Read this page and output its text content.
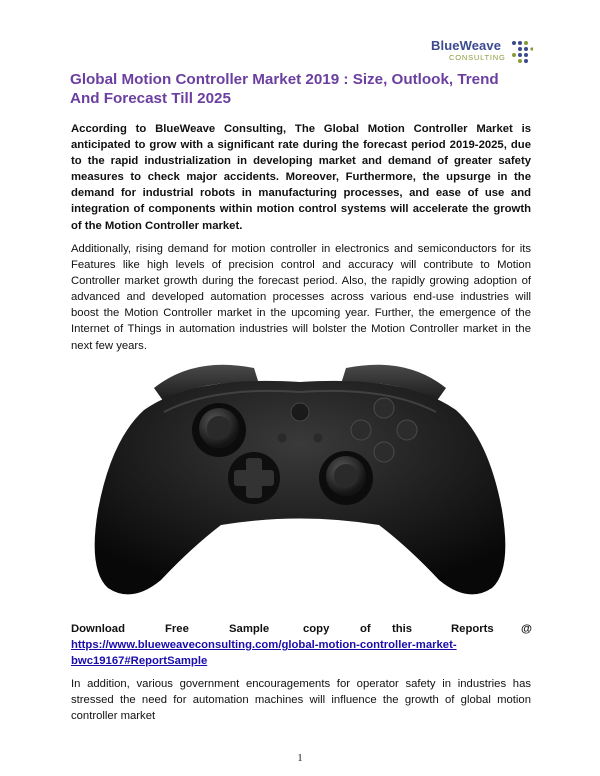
BlueWeave
CONSULTING
Global Motion Controller Market 2019 : Size, Outlook, Trend And Forecast Till 2025

According to BlueWeave Consulting, The Global Motion Controller Market is anticipated to grow with a significant rate during the forecast period 2019-2025, due to the rapid industrialization in developing market and demand of greater safety measures to check major accidents. Moreover, Furthermore, the upsurge in the demand for industrial robots in manufacturing processes, and ease of use and integration of components within motion control systems will accelerate the growth of the Motion Controller market.

Additionally, rising demand for motion controller in electronics and semiconductors for its Features like high levels of precision control and accuracy will contribute to Motion Controller market growth during the forecast period. Also, the rapidly growing adoption of advanced and developed automation processes across various end-use industries will boost the Motion Controller market in the upcoming year. Further, the emergence of the Internet of Things in automation industries will bolster the Motion Controller market in the next few years.

Download	Free	Sample	copy	of this	Reports @
https://www.blueweaveconsulting.com/global-motion-controller-market-bwc19167#ReportSample

In addition, various government encouragements for operator safety in industries has stressed the need for automation machines will influence the growth of global motion controller market

1
